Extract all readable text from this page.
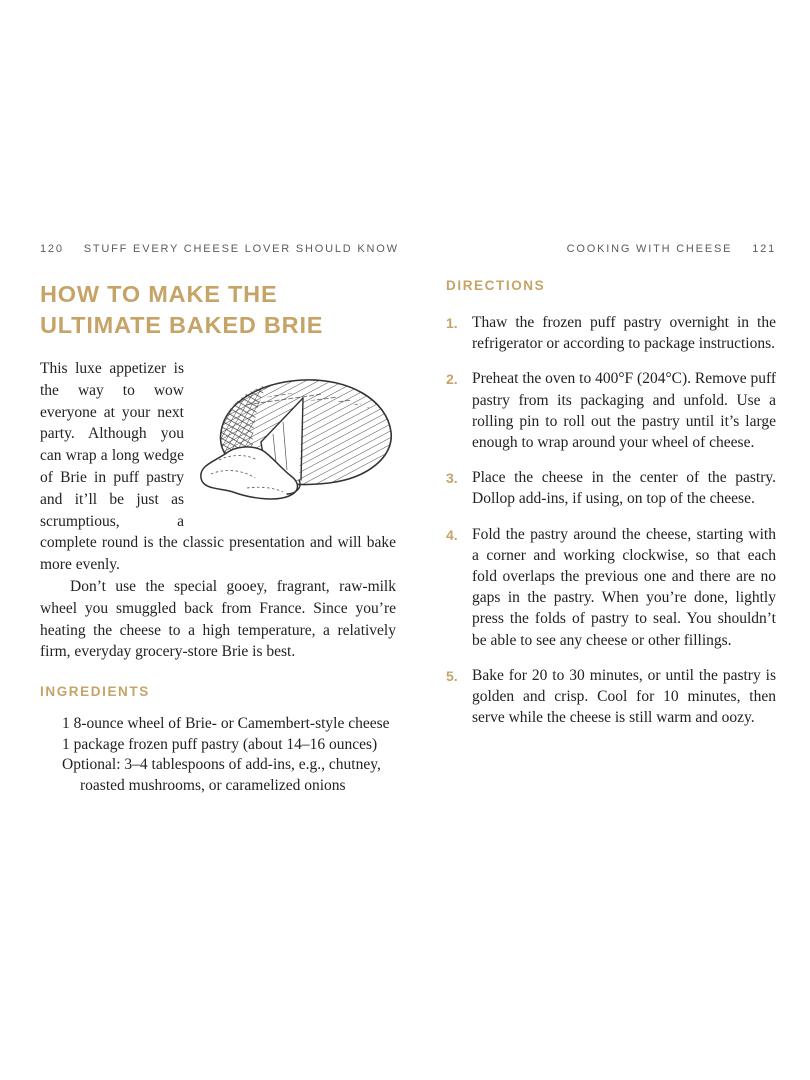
120 STUFF EVERY CHEESE LOVER SHOULD KNOW
HOW TO MAKE THE
ULTIMATE BAKED BRIE

This luxe appetizer is the way to wow everyone at your next party. Although you can wrap a long wedge of Brie in puff pastry and it’ll be just as scrumptious, a complete round is the classic presentation and will bake more evenly.

Don’t use the special gooey, fragrant, raw-milk wheel you smuggled back from France. Since you’re heating the cheese to a high temperature, a relatively firm, everyday grocery-store Brie is best.

INGREDIENTS
1 8-ounce wheel of Brie- or Camembert-style cheese
1 package frozen puff pastry (about 14–16 ounces)
Optional: 3–4 tablespoons of add-ins, e.g., chutney, roasted mushrooms, or caramelized onions
COOKING WITH CHEESE 121
DIRECTIONS
1. Thaw the frozen puff pastry overnight in the refrigerator or according to package instructions.
2. Preheat the oven to 400°F (204°C). Remove puff pastry from its packaging and unfold. Use a rolling pin to roll out the pastry until it’s large enough to wrap around your wheel of cheese.
3. Place the cheese in the center of the pastry. Dollop add-ins, if using, on top of the cheese.
4. Fold the pastry around the cheese, starting with a corner and working clockwise, so that each fold overlaps the previous one and there are no gaps in the pastry. When you’re done, lightly press the folds of pastry to seal. You shouldn’t be able to see any cheese or other fillings.
5. Bake for 20 to 30 minutes, or until the pastry is golden and crisp. Cool for 10 minutes, then serve while the cheese is still warm and oozy.
